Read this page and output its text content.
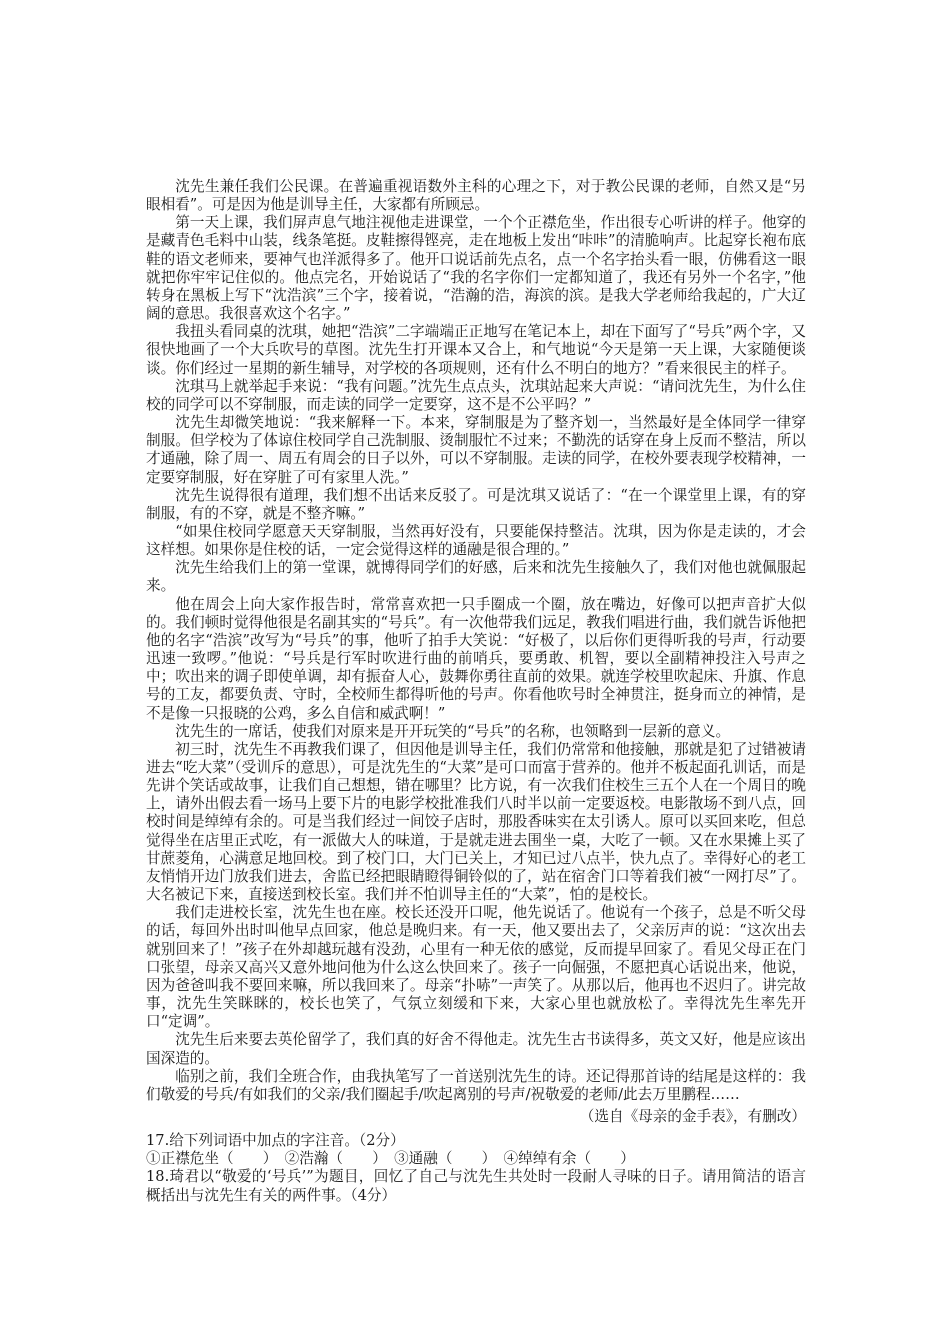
沈先生兼任我们公民课。在普遍重视语数外主科的心理之下，对于教公民课的老师，自然又是“另眼相看”。可是因为他是训导主任，大家都有所顾忌。

第一天上课，我们屏声息气地注视他走进课堂，一个个正襟危坐，作出很专心听讲的样子。他穿的是藏青色毛料中山装，线条笔挺。皮鞋擦得铿亮，走在地板上发出“咔咔”的清脆响声。比起穿长袍布底鞋的语文老师来，要神气也洋派得多了。他开口说话前先点名，点一个名字抬头看一眼，仿佛看这一眼就把你牢牢记住似的。他点完名，开始说话了“我的名字你们一定都知道了，我还有另外一个名字，”他转身在黑板上写下“沈浩滨”三个字，接着说，“浩瀚的浩，海滨的滨。是我大学老师给我起的，广大辽阔的意思。我很喜欢这个名字。”

我扭头看同桌的沈琪，她把“浩滨”二字端端正正地写在笔记本上，却在下面写了“号兵”两个字，又很快地画了一个大兵吹号的草图。沈先生打开课本又合上，和气地说“今天是第一天上课，大家随便谈谈。你们经过一星期的新生辅导，对学校的各项规则，还有什么不明白的地方？”看来很民主的样子。

沈琪马上就举起手来说：“我有问题。”沈先生点点头，沈琪站起来大声说：“请问沈先生，为什么住校的同学可以不穿制服，而走读的同学一定要穿，这不是不公平吗？”

沈先生却微笑地说：“我来解释一下。本来，穿制服是为了整齐划一，当然最好是全体同学一律穿制服。但学校为了体谅住校同学自己洗制服、烫制服忙不过来；不勤洗的话穿在身上反而不整洁，所以才通融，除了周一、周五有周会的日子以外，可以不穿制服。走读的同学，在校外要表现学校精神，一定要穿制服，好在穿脏了可有家里人洗。”

沈先生说得很有道理，我们想不出话来反驳了。可是沈琪又说话了：“在一个课堂里上课，有的穿制服，有的不穿，就是不整齐嘛。”

“如果住校同学愿意天天穿制服，当然再好没有，只要能保持整洁。沈琪，因为你是走读的，才会这样想。如果你是住校的话，一定会觉得这样的通融是很合理的。”

沈先生给我们上的第一堂课，就博得同学们的好感，后来和沈先生接触久了，我们对他也就佩服起来。

他在周会上向大家作报告时，常常喜欢把一只手圈成一个圈，放在嘴边，好像可以把声音扩大似的。我们顿时觉得他很是名副其实的“号兵”。有一次他带我们远足，教我们唱进行曲，我们就告诉他把他的名字“浩滨”改写为“号兵”的事，他听了拍手大笑说：“好极了，以后你们更得听我的号声，行动要迅速一致啰。”他说：“号兵是行军时吹进行曲的前哨兵，要勇敢、机智，要以全副精神投注入号声之中；吹出来的调子即使单调，却有振奋人心，鼓舞你勇往直前的效果。就连学校里吹起床、升旗、作息号的工友，都要负责、守时，全校师生都得听他的号声。你看他吹号时全神贯注，挺身而立的神情，是不是像一只报晓的公鸡，多么自信和威武啊！”

沈先生的一席话，使我们对原来是开开玩笑的“号兵”的名称，也领略到一层新的意义。

初三时，沈先生不再教我们课了，但因他是训导主任，我们仍常常和他接触，那就是犯了过错被请进去“吃大菜”（受训斥的意思），可是沈先生的“大菜”是可口而富于营养的。他并不板起面孔训话，而是先讲个笑话或故事，让我们自己想想，错在哪里？比方说，有一次我们住校生三五个人在一个周日的晚上，请外出假去看一场马上要下片的电影学校批准我们八时半以前一定要返校。电影散场不到八点，回校时间是绰绰有余的。可是当我们经过一间饺子店时，那股香味实在太引诱人。原可以买回来吃，但总觉得坐在店里正式吃，有一派做大人的味道，于是就走进去围坐一桌，大吃了一顿。又在水果摊上买了甘蔗菱角，心满意足地回校。到了校门口，大门已关上，才知已过八点半，快九点了。幸得好心的老工友悄悄开边门放我们进去，舍监已经把眼睛瞪得铜铃似的了，站在宿舍门口等着我们被“一网打尽”了。大名被记下来，直接送到校长室。我们并不怕训导主任的“大菜”，怕的是校长。

我们走进校长室，沈先生也在座。校长还没开口呢，他先说话了。他说有一个孩子，总是不听父母的话，每回外出时叫他早点回家，他总是晚归来。有一天，他又要出去了，父亲厉声的说：“这次出去就别回来了！”孩子在外却越玩越有没劲，心里有一种无依的感觉，反而提早回家了。看见父母正在门口张望，母亲又高兴又意外地问他为什么这么快回来了。孩子一向倔强，不愿把真心话说出来，他说，因为爸爸叫我不要回来嘛，所以我回来了。母亲“扑哧”一声笑了。从那以后，他再也不迟归了。讲完故事，沈先生笑眯眯的，校长也笑了，气氛立刻缓和下来，大家心里也就放松了。幸得沈先生率先开口“定调”。

沈先生后来要去英伦留学了，我们真的好舍不得他走。沈先生古书读得多，英文又好，他是应该出国深造的。

临别之前，我们全班合作，由我执笔写了一首送别沈先生的诗。还记得那首诗的结尾是这样的：我们敬爱的号兵/有如我们的父亲/我们圈起手/吹起离别的号声/祝敬爱的老师/此去万里鹏程……

（选自《母亲的金手表》，有删改）

17.给下列词语中加点的字注音。（2分）

①正襟危坐（　　）　②浩瀚（　　）　③通融（　　）　④绰绰有余（　　）

18.琦君以“敬爱的‘号兵’”为题目，回忆了自己与沈先生共处时一段耐人寻味的日子。请用简洁的语言概括出与沈先生有关的两件事。（4分）
